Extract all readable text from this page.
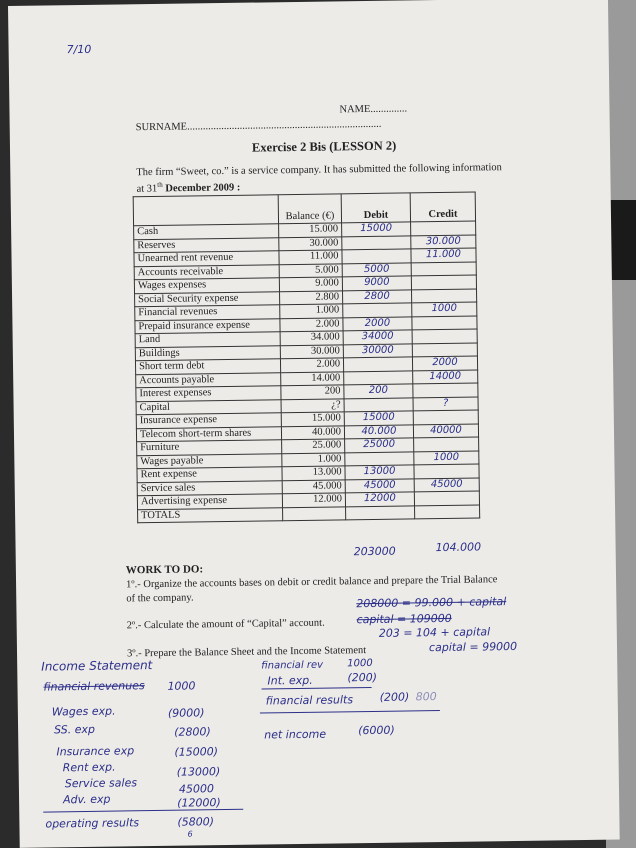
7/10
NAME..............
SURNAME..........................................................................
Exercise 2 Bis (LESSON 2)
The firm “Sweet, co.” is a service company. It has submitted the following information
at 31th December 2009 :
	Balance (€)	Debit	Credit
Cash	15.000	15000	
Reserves	30.000		30.000
Unearned rent revenue	11.000		11.000
Accounts receivable	5.000	5000	
Wages expenses	9.000	9000	
Social Security expense	2.800	2800	
Financial revenues	1.000		1000
Prepaid insurance expense	2.000	2000	
Land	34.000	34000	
Buildings	30.000	30000	
Short term debt	2.000		2000
Accounts payable	14.000		14000
Interest expenses	200	200	
Capital	¿?		?
Insurance expense	15.000	15000	
Telecom short-term shares	40.000	40.000	40000
Furniture	25.000	25000	
Wages payable	1.000		1000
Rent expense	13.000	13000	
Service sales	45.000	45000	45000
Advertising expense	12.000	12000	
TOTALS			
203000	104.000
WORK TO DO:
1º.- Organize the accounts bases on debit or credit balance and prepare the Trial Balance
of the company.
2º.- Calculate the amount of “Capital” account.
3º.- Prepare the Balance Sheet and the Income Statement
208000 = 99.000 + capital
capital = 109000
203 = 104 + capital
capital = 99000
Income Statement
financial revenues 1000
Wages exp.	(9000)
SS. exp	(2800)
Insurance exp	(15000)
Rent exp.	(13000)
Service sales	45000
Adv. exp	(12000)
operating results	(5800)
6
financial rev 1000
Int. exp.	(200)
financial results (200) 800
net income	(6000)
